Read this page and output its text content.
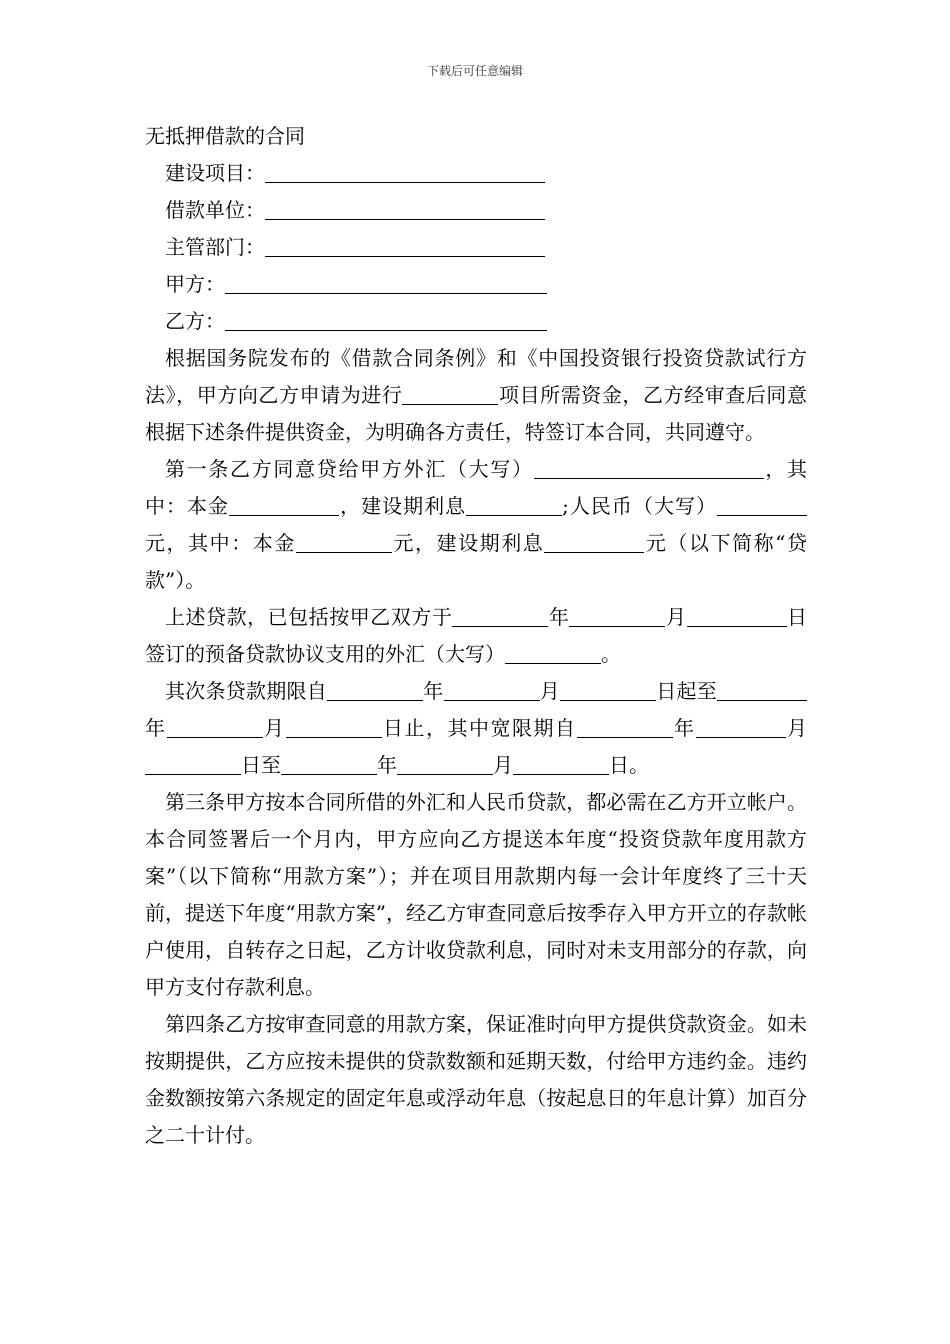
下载后可任意编辑

无抵押借款的合同

建设项目：

借款单位：

主管部门：

甲方：

乙方：

根据国务院发布的《借款合同条例》和《中国投资银行投资贷款试行方法》，甲方向乙方申请为进行	项目所需资金，乙方经审查后同意根据下述条件提供资金，为明确各方责任，特签订本合同，共同遵守。

第一条乙方同意贷给甲方外汇（大写）	，其中：本金	，建设期利息	;人民币（大写）元，其中：本金	元，建设期利息	元（以下简称“贷款”）。

上述贷款，已包括按甲乙双方于	年	月	日签订的预备贷款协议支用的外汇（大写）	。

其次条贷款期限自	年	月	日起至年	月	日止，其中宽限期自	年	月日至	年	月	日。

第三条甲方按本合同所借的外汇和人民币贷款，都必需在乙方开立帐户。本合同签署后一个月内，甲方应向乙方提送本年度“投资贷款年度用款方案”（以下简称“用款方案”）；并在项目用款期内每一会计年度终了三十天前，提送下年度“用款方案”，经乙方审查同意后按季存入甲方开立的存款帐户使用，自转存之日起，乙方计收贷款利息，同时对未支用部分的存款，向甲方支付存款利息。

第四条乙方按审查同意的用款方案，保证准时向甲方提供贷款资金。如未按期提供，乙方应按未提供的贷款数额和延期天数，付给甲方违约金。违约金数额按第六条规定的固定年息或浮动年息（按起息日的年息计算）加百分之二十计付。
